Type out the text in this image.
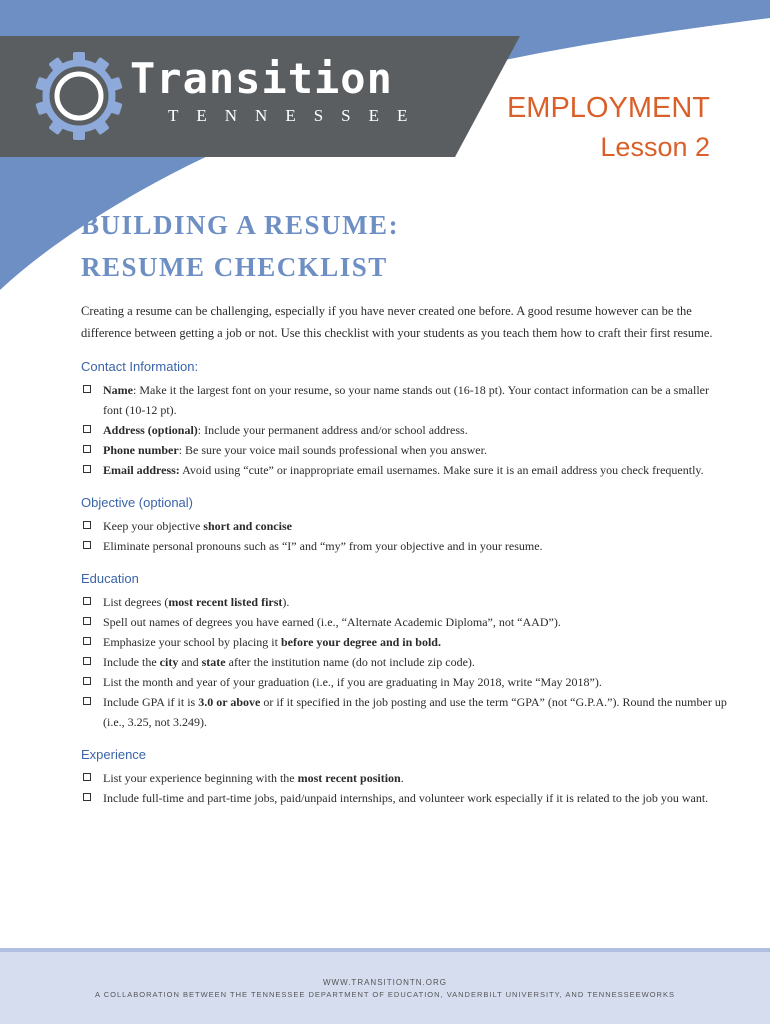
Transition
TENNESSEE	EMPLOYMENT
Lesson 2
BUILDING A RESUME:
RESUME CHECKLIST

Creating a resume can be challenging, especially if you have never created one before. A good resume however can be the difference between getting a job or not. Use this checklist with your students as you teach them how to craft their first resume.

Contact Information:
Name: Make it the largest font on your resume, so your name stands out (16-18 pt). Your contact information can be a smaller font (10-12 pt).
Address (optional): Include your permanent address and/or school address.
Phone number: Be sure your voice mail sounds professional when you answer.
Email address: Avoid using “cute” or inappropriate email usernames. Make sure it is an email address you check frequently.
Objective (optional)
Keep your objective short and concise
Eliminate personal pronouns such as “I” and “my” from your objective and in your resume.
Education
List degrees (most recent listed first).
Spell out names of degrees you have earned (i.e., “Alternate Academic Diploma”, not “AAD”).
Emphasize your school by placing it before your degree and in bold.
Include the city and state after the institution name (do not include zip code).
List the month and year of your graduation (i.e., if you are graduating in May 2018, write “May 2018”).
Include GPA if it is 3.0 or above or if it specified in the job posting and use the term “GPA” (not “G.P.A.”). Round the number up (i.e., 3.25, not 3.249).
Experience
List your experience beginning with the most recent position.
Include full-time and part-time jobs, paid/unpaid internships, and volunteer work especially if it is related to the job you want.
WWW.TRANSITIONTN.ORG
A COLLABORATION BETWEEN THE TENNESSEE DEPARTMENT OF EDUCATION, VANDERBILT UNIVERSITY, AND TENNESSEEWORKS
